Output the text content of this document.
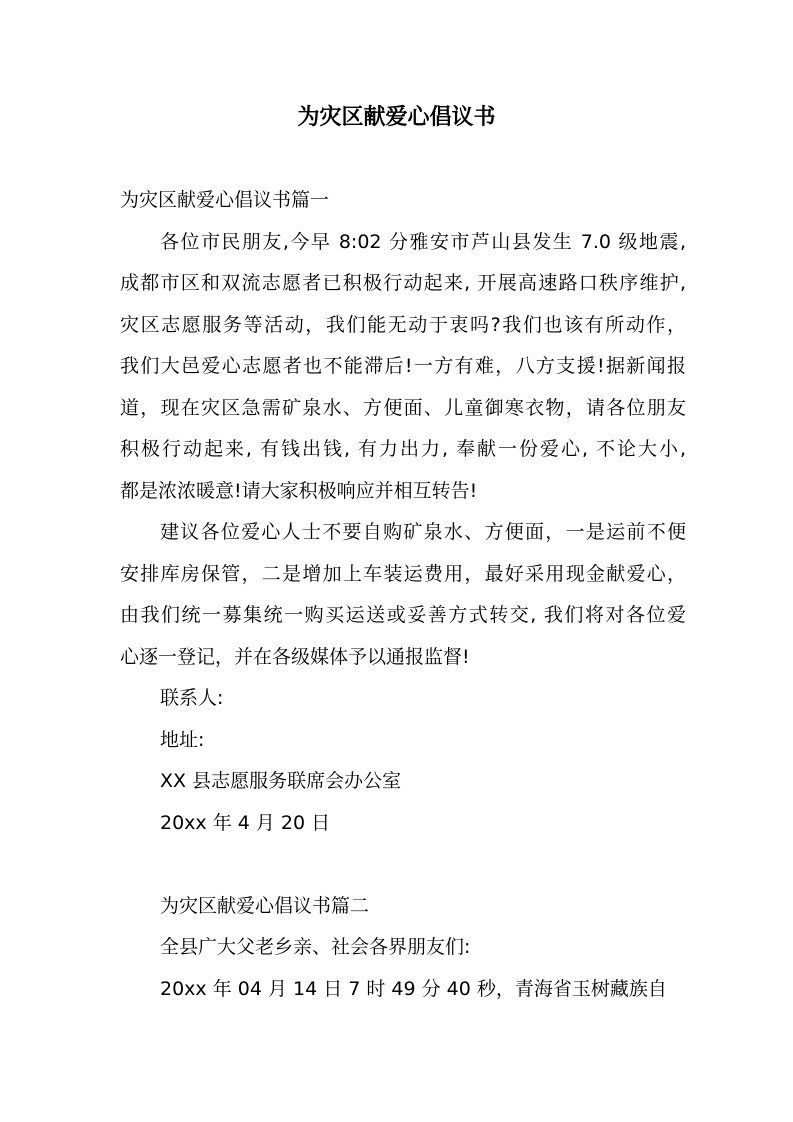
为灾区献爱心倡议书
为灾区献爱心倡议书篇一
各位市民朋友,今早 8:02 分雅安市芦山县发生 7.0 级地震,
成都市区和双流志愿者已积极行动起来, 开展高速路口秩序维护,
灾区志愿服务等活动，我们能无动于衷吗?我们也该有所动作，
我们大邑爱心志愿者也不能滞后!一方有难，八方支援!据新闻报
道，现在灾区急需矿泉水、方便面、儿童御寒衣物，请各位朋友
积极行动起来, 有钱出钱, 有力出力, 奉献一份爱心, 不论大小,
都是浓浓暖意!请大家积极响应并相互转告!
建议各位爱心人士不要自购矿泉水、方便面，一是运前不便
安排库房保管，二是增加上车装运费用，最好采用现金献爱心，
由我们统一募集统一购买运送或妥善方式转交, 我们将对各位爱
心逐一登记，并在各级媒体予以通报监督!
联系人:
地址:
XX 县志愿服务联席会办公室
20xx 年 4 月 20 日
为灾区献爱心倡议书篇二
全县广大父老乡亲、社会各界朋友们:
20xx 年 04 月 14 日 7 时 49 分 40 秒，青海省玉树藏族自
